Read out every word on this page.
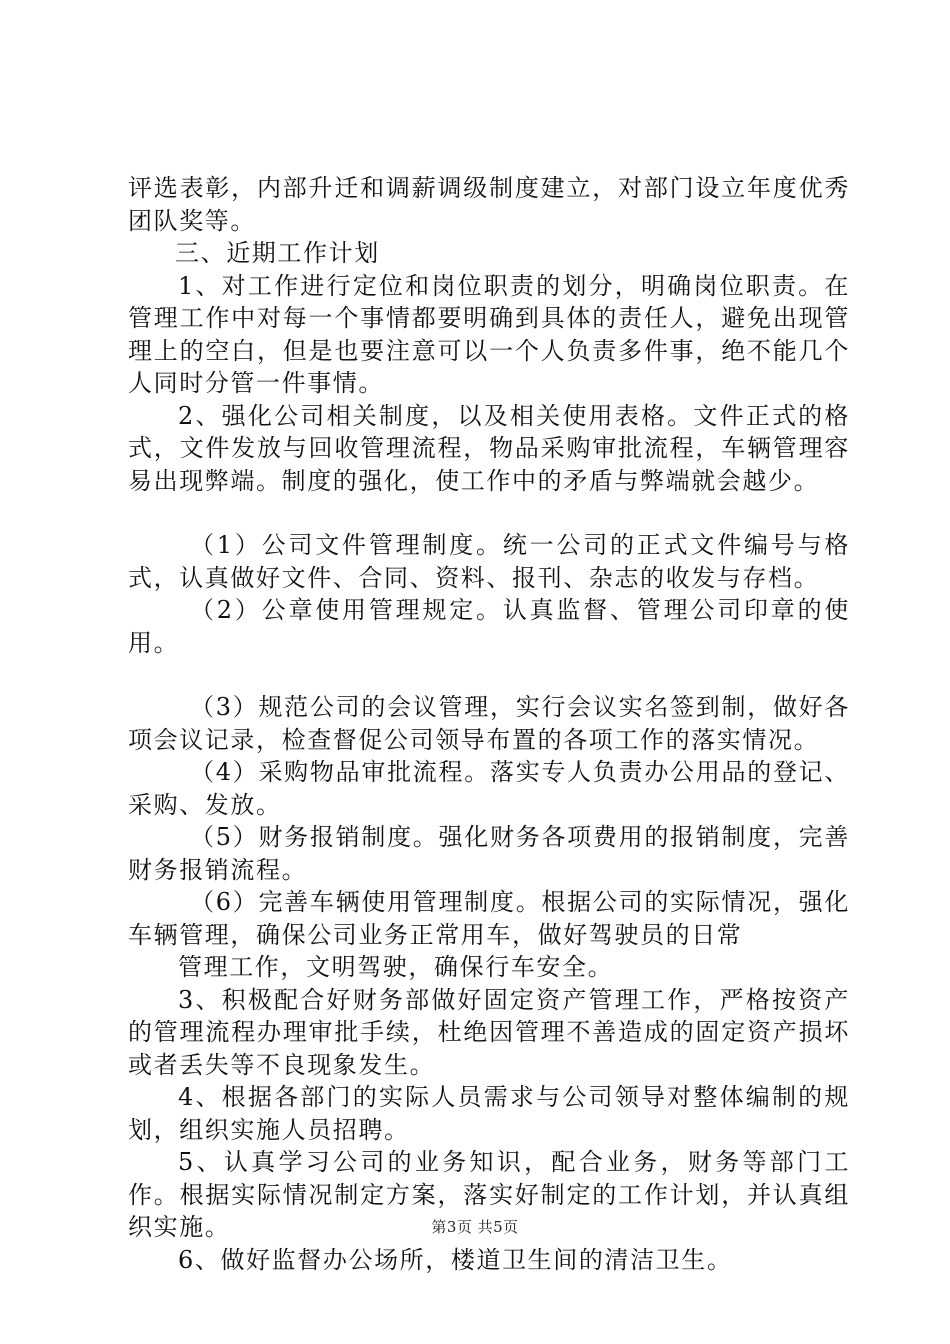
评选表彰，内部升迁和调薪调级制度建立，对部门设立年度优秀团队奖等。

三、近期工作计划

1、对工作进行定位和岗位职责的划分，明确岗位职责。在管理工作中对每一个事情都要明确到具体的责任人，避免出现管理上的空白，但是也要注意可以一个人负责多件事，绝不能几个人同时分管一件事情。

2、强化公司相关制度，以及相关使用表格。文件正式的格式，文件发放与回收管理流程，物品采购审批流程，车辆管理容易出现弊端。制度的强化，使工作中的矛盾与弊端就会越少。

（1）公司文件管理制度。统一公司的正式文件编号与格式，认真做好文件、合同、资料、报刊、杂志的收发与存档。

（2）公章使用管理规定。认真监督、管理公司印章的使用。

（3）规范公司的会议管理，实行会议实名签到制，做好各项会议记录，检查督促公司领导布置的各项工作的落实情况。

（4）采购物品审批流程。落实专人负责办公用品的登记、采购、发放。

（5）财务报销制度。强化财务各项费用的报销制度，完善财务报销流程。

（6）完善车辆使用管理制度。根据公司的实际情况，强化车辆管理，确保公司业务正常用车，做好驾驶员的日常

管理工作，文明驾驶，确保行车安全。

3、积极配合好财务部做好固定资产管理工作，严格按资产的管理流程办理审批手续，杜绝因管理不善造成的固定资产损坏或者丢失等不良现象发生。

4、根据各部门的实际人员需求与公司领导对整体编制的规划，组织实施人员招聘。

5、认真学习公司的业务知识，配合业务，财务等部门工作。根据实际情况制定方案，落实好制定的工作计划，并认真组织实施。

6、做好监督办公场所，楼道卫生间的清洁卫生。

第3页 共5页
